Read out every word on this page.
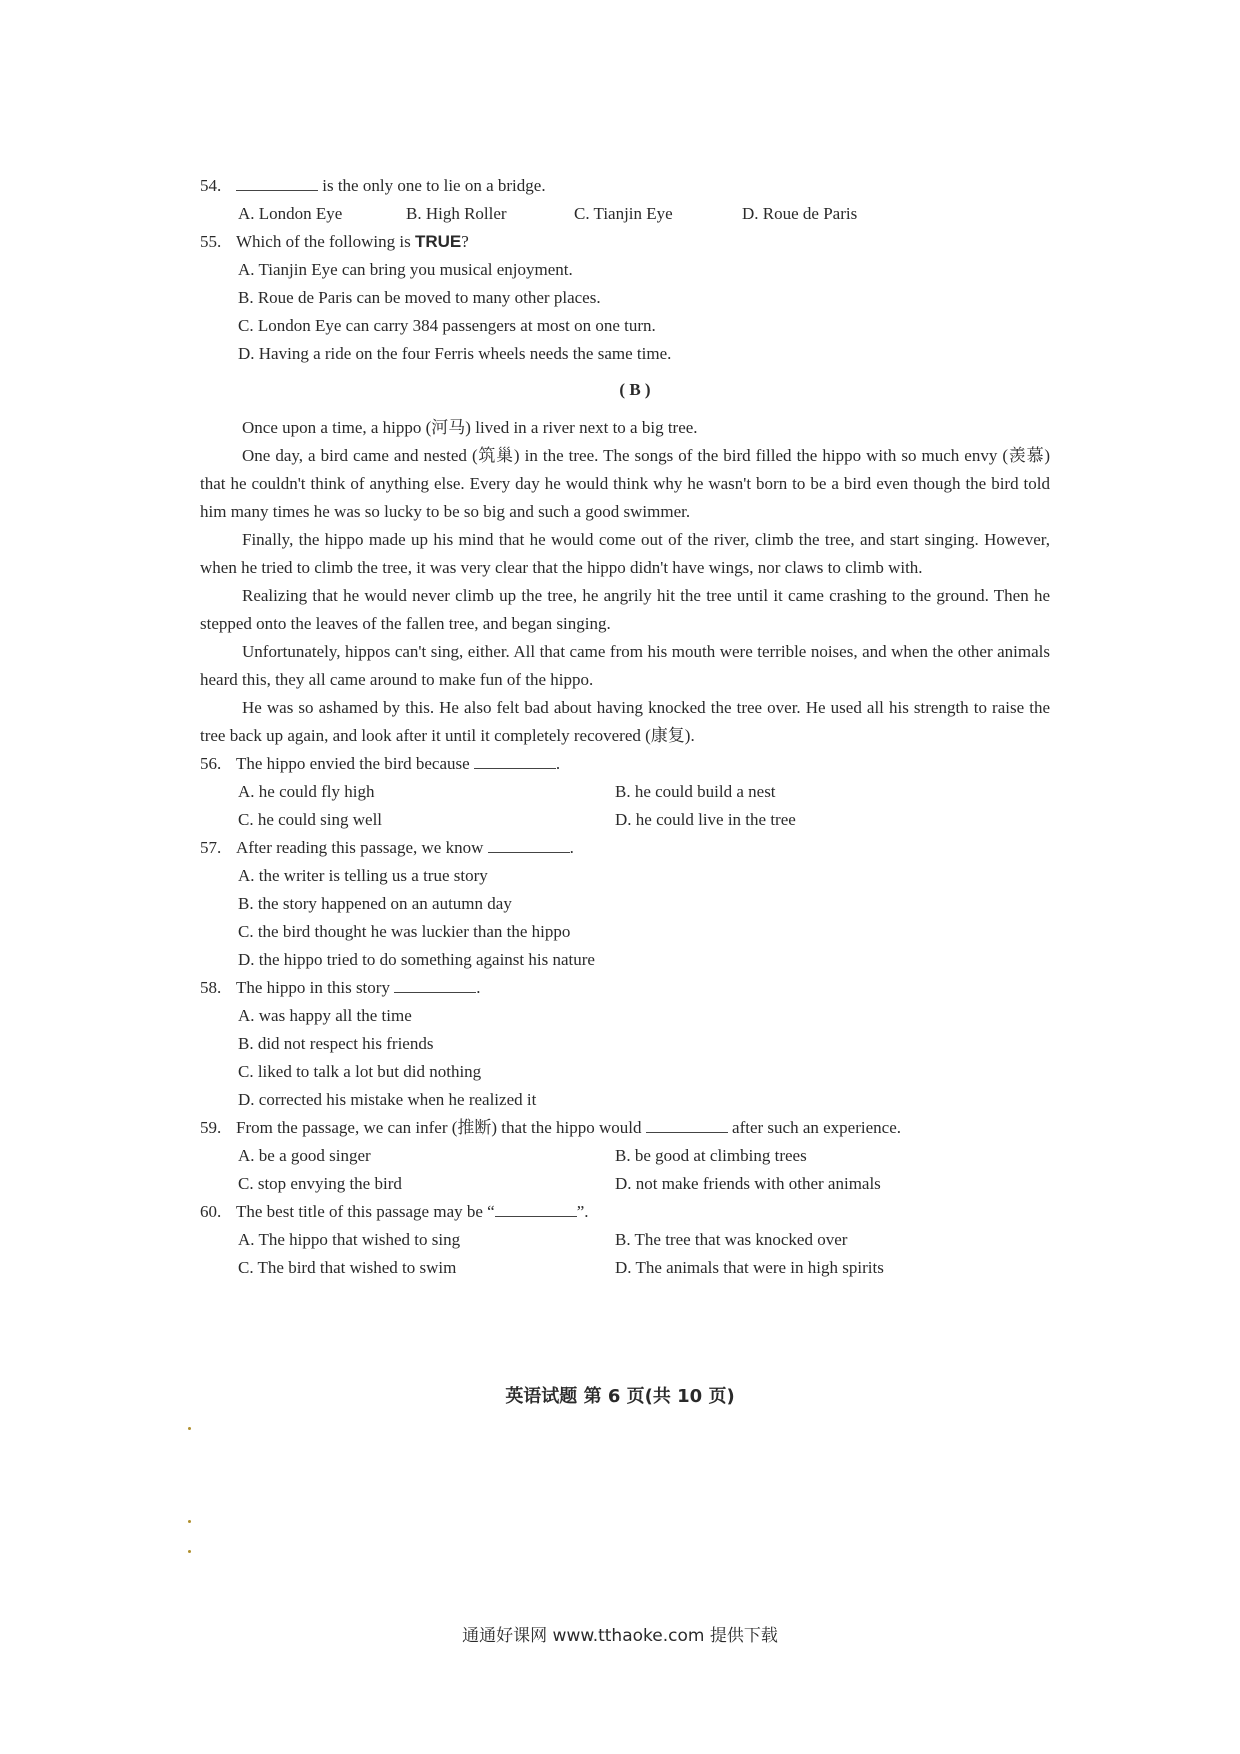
54.	is the only one to lie on a bridge.
A. London Eye	B. High Roller	C. Tianjin Eye	D. Roue de Paris
55. Which of the following is TRUE?
A. Tianjin Eye can bring you musical enjoyment.
B. Roue de Paris can be moved to many other places.
C. London Eye can carry 384 passengers at most on one turn.
D. Having a ride on the four Ferris wheels needs the same time.
( B )
Once upon a time, a hippo (河马) lived in a river next to a big tree.
One day, a bird came and nested (筑巢) in the tree. The songs of the bird filled the hippo with so much envy (羡慕) that he couldn't think of anything else. Every day he would think why he wasn't born to be a bird even though the bird told him many times he was so lucky to be so big and such a good swimmer.
Finally, the hippo made up his mind that he would come out of the river, climb the tree, and start singing. However, when he tried to climb the tree, it was very clear that the hippo didn't have wings, nor claws to climb with.
Realizing that he would never climb up the tree, he angrily hit the tree until it came crashing to the ground. Then he stepped onto the leaves of the fallen tree, and began singing.
Unfortunately, hippos can't sing, either. All that came from his mouth were terrible noises, and when the other animals heard this, they all came around to make fun of the hippo.
He was so ashamed by this. He also felt bad about having knocked the tree over. He used all his strength to raise the tree back up again, and look after it until it completely recovered (康复).
56. The hippo envied the bird because	.
A. he could fly high	B. he could build a nest
C. he could sing well	D. he could live in the tree
57. After reading this passage, we know	.
A. the writer is telling us a true story
B. the story happened on an autumn day
C. the bird thought he was luckier than the hippo
D. the hippo tried to do something against his nature
58. The hippo in this story	.
A. was happy all the time
B. did not respect his friends
C. liked to talk a lot but did nothing
D. corrected his mistake when he realized it
59. From the passage, we can infer (推断) that the hippo would	after such an experience.
A. be a good singer	B. be good at climbing trees
C. stop envying the bird	D. not make friends with other animals
60. The best title of this passage may be “	”.
A. The hippo that wished to sing	B. The tree that was knocked over
C. The bird that wished to swim	D. The animals that were in high spirits
英语试题 第 6 页(共 10 页)
通通好课网 www.tthaoke.com 提供下载
